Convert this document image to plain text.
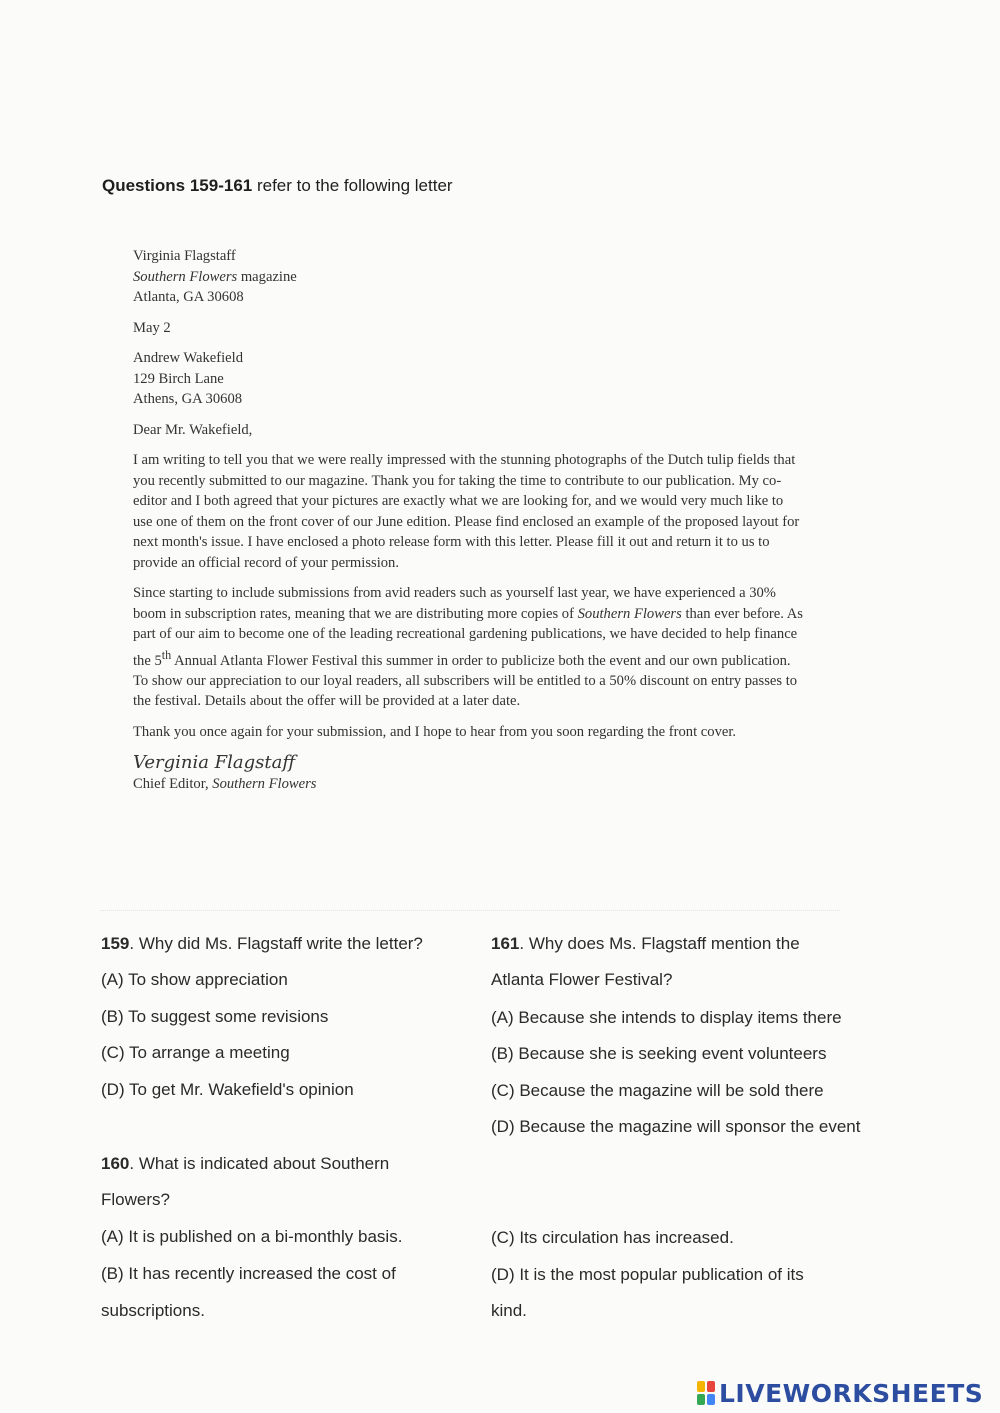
Questions 159-161 refer to the following letter
Virginia Flagstaff
Southern Flowers magazine
Atlanta, GA 30608
May 2
Andrew Wakefield
129 Birch Lane
Athens, GA 30608
Dear Mr. Wakefield,

I am writing to tell you that we were really impressed with the stunning photographs of the Dutch tulip fields that you recently submitted to our magazine. Thank you for taking the time to contribute to our publication. My co-editor and I both agreed that your pictures are exactly what we are looking for, and we would very much like to use one of them on the front cover of our June edition. Please find enclosed an example of the proposed layout for next month's issue. I have enclosed a photo release form with this letter. Please fill it out and return it to us to provide an official record of your permission.

Since starting to include submissions from avid readers such as yourself last year, we have experienced a 30% boom in subscription rates, meaning that we are distributing more copies of Southern Flowers than ever before. As part of our aim to become one of the leading recreational gardening publications, we have decided to help finance the 5th Annual Atlanta Flower Festival this summer in order to publicize both the event and our own publication. To show our appreciation to our loyal readers, all subscribers will be entitled to a 50% discount on entry passes to the festival. Details about the offer will be provided at a later date.

Thank you once again for your submission, and I hope to hear from you soon regarding the front cover.

Verginia Flagstaff
Chief Editor, Southern Flowers
159. Why did Ms. Flagstaff write the letter?
(A) To show appreciation
(B) To suggest some revisions
(C) To arrange a meeting
(D) To get Mr. Wakefield's opinion
161. Why does Ms. Flagstaff mention the
Atlanta Flower Festival?
(A) Because she intends to display items there
(B) Because she is seeking event volunteers
(C) Because the magazine will be sold there
(D) Because the magazine will sponsor the event
160. What is indicated about Southern
Flowers?
(A) It is published on a bi-monthly basis.
(B) It has recently increased the cost of
subscriptions.
(C) Its circulation has increased.
(D) It is the most popular publication of its
kind.
LIVEWORKSHEETS
